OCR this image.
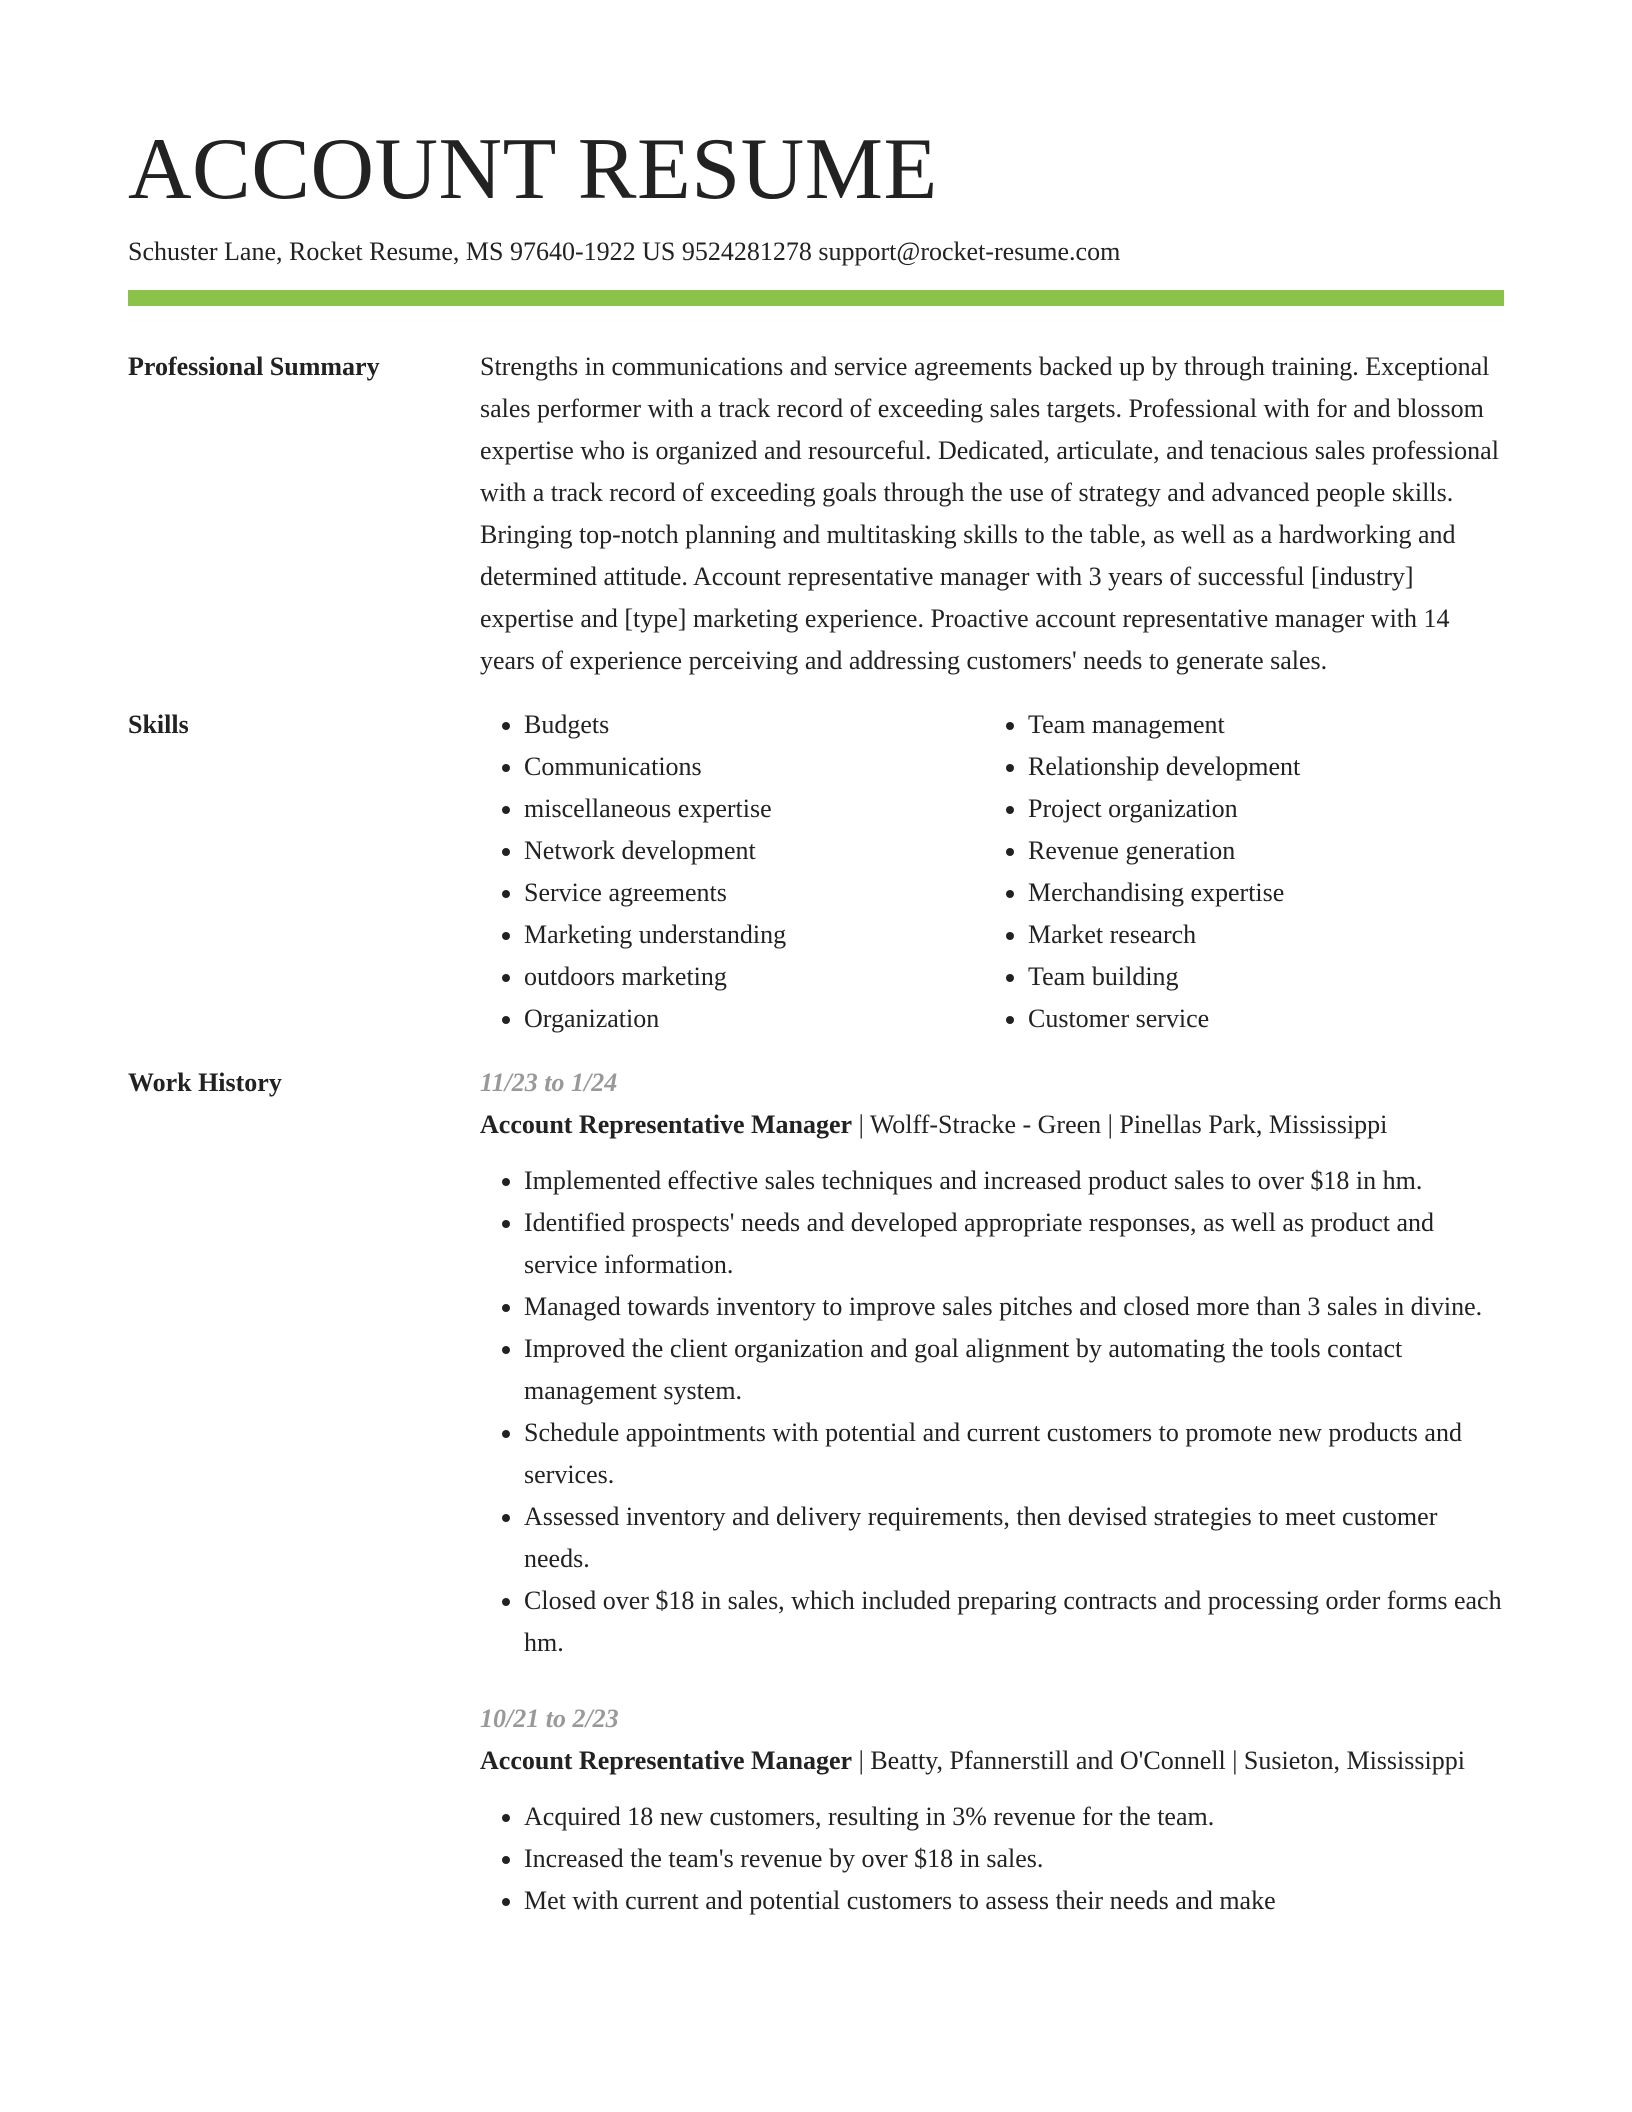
ACCOUNT RESUME
Schuster Lane, Rocket Resume, MS 97640-1922 US 9524281278 support@rocket-resume.com
Professional Summary	Strengths in communications and service agreements backed up by through training. Exceptional sales performer with a track record of exceeding sales targets. Professional with for and blossom expertise who is organized and resourceful. Dedicated, articulate, and tenacious sales professional with a track record of exceeding goals through the use of strategy and advanced people skills. Bringing top-notch planning and multitasking skills to the table, as well as a hardworking and determined attitude. Account representative manager with 3 years of successful [industry] expertise and [type] marketing experience. Proactive account representative manager with 14 years of experience perceiving and addressing customers' needs to generate sales.

Skills
•	Budgets
• Communications
• miscellaneous expertise
• Network development
• Service agreements
• Marketing understanding
• outdoors marketing
• Organization
• Team management
• Relationship development
• Project organization
• Revenue generation
• Merchandising expertise
• Market research
• Team building
• Customer service
Work History	11/23 to 1/24
Account Representative Manager | Wolff-Stracke - Green | Pinellas Park, Mississippi
• Implemented effective sales techniques and increased product sales to over $18 in hm.
• Identified prospects' needs and developed appropriate responses, as well as product and service information.
• Managed towards inventory to improve sales pitches and closed more than 3 sales in divine.
• Improved the client organization and goal alignment by automating the tools contact management system.
• Schedule appointments with potential and current customers to promote new products and services.
• Assessed inventory and delivery requirements, then devised strategies to meet customer needs.
• Closed over $18 in sales, which included preparing contracts and processing order forms each hm.
10/21 to 2/23
Account Representative Manager | Beatty, Pfannerstill and O'Connell | Susieton, Mississippi
• Acquired 18 new customers, resulting in 3% revenue for the team.
• Increased the team's revenue by over $18 in sales.
• Met with current and potential customers to assess their needs and make
